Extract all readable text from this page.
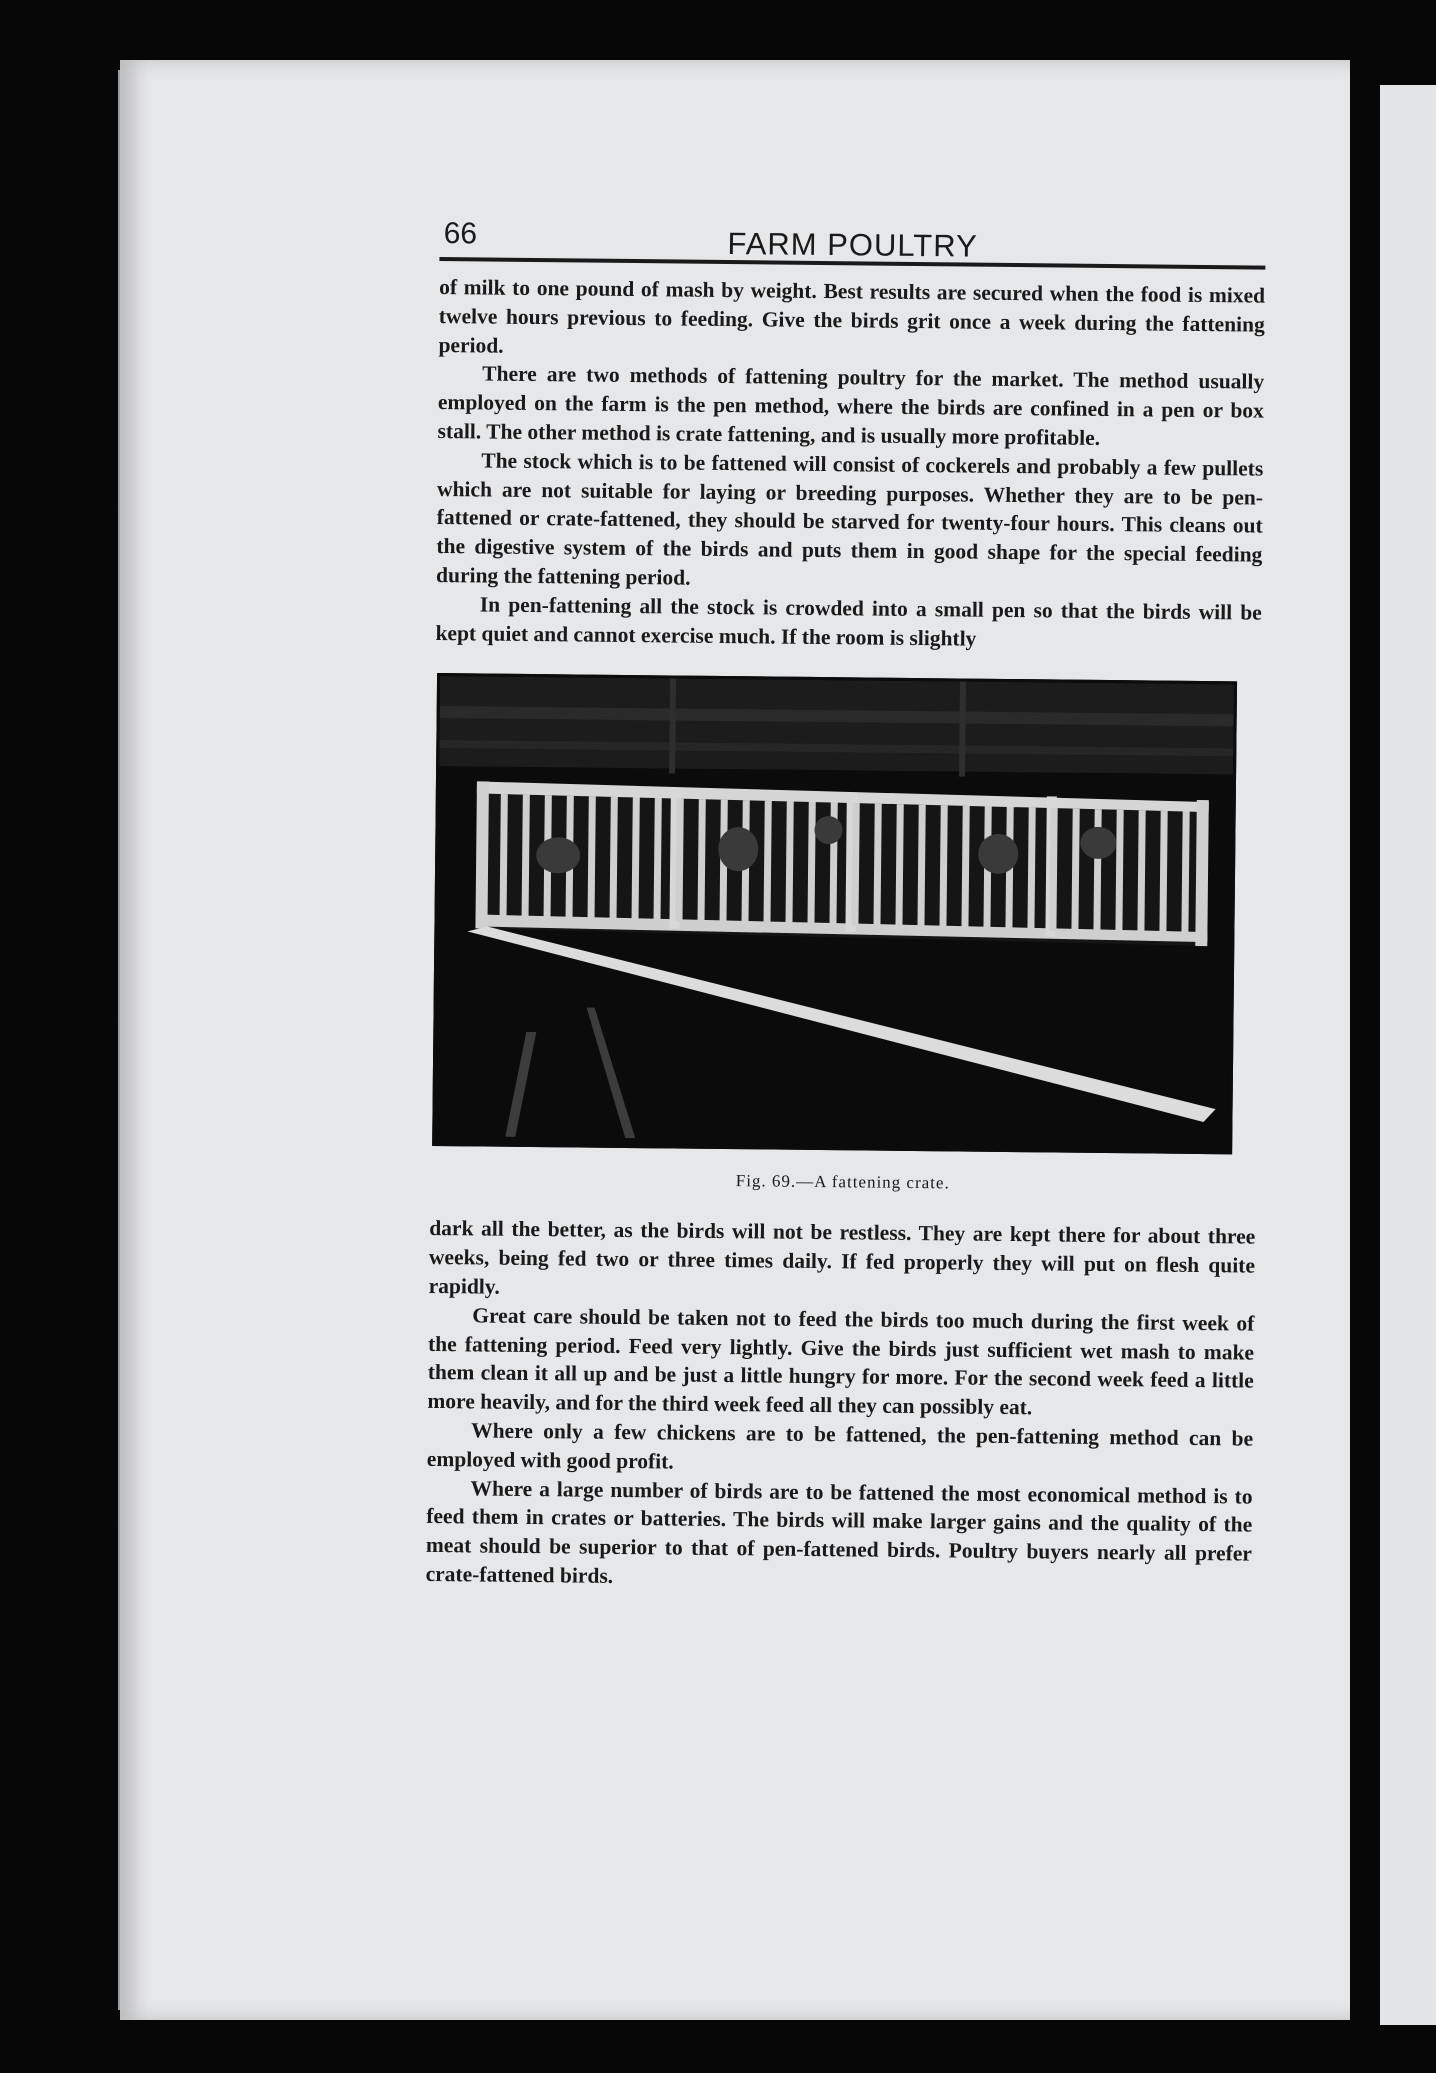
66	FARM POULTRY

of milk to one pound of mash by weight. Best results are secured when the food is mixed twelve hours previous to feeding. Give the birds grit once a week during the fattening period.

There are two methods of fattening poultry for the market. The method usually employed on the farm is the pen method, where the birds are confined in a pen or box stall. The other method is crate fattening, and is usually more profitable.

The stock which is to be fattened will consist of cockerels and probably a few pullets which are not suitable for laying or breeding purposes. Whether they are to be pen-fattened or crate-fattened, they should be starved for twenty-four hours. This cleans out the digestive system of the birds and puts them in good shape for the special feeding during the fattening period.

In pen-fattening all the stock is crowded into a small pen so that the birds will be kept quiet and cannot exercise much. If the room is slightly

Fig. 69.—A fattening crate.

dark all the better, as the birds will not be restless. They are kept there for about three weeks, being fed two or three times daily. If fed properly they will put on flesh quite rapidly.

Great care should be taken not to feed the birds too much during the first week of the fattening period. Feed very lightly. Give the birds just sufficient wet mash to make them clean it all up and be just a little hungry for more. For the second week feed a little more heavily, and for the third week feed all they can possibly eat.

Where only a few chickens are to be fattened, the pen-fattening method can be employed with good profit.

Where a large number of birds are to be fattened the most economical method is to feed them in crates or batteries. The birds will make larger gains and the quality of the meat should be superior to that of pen-fattened birds. Poultry buyers nearly all prefer crate-fattened birds.
